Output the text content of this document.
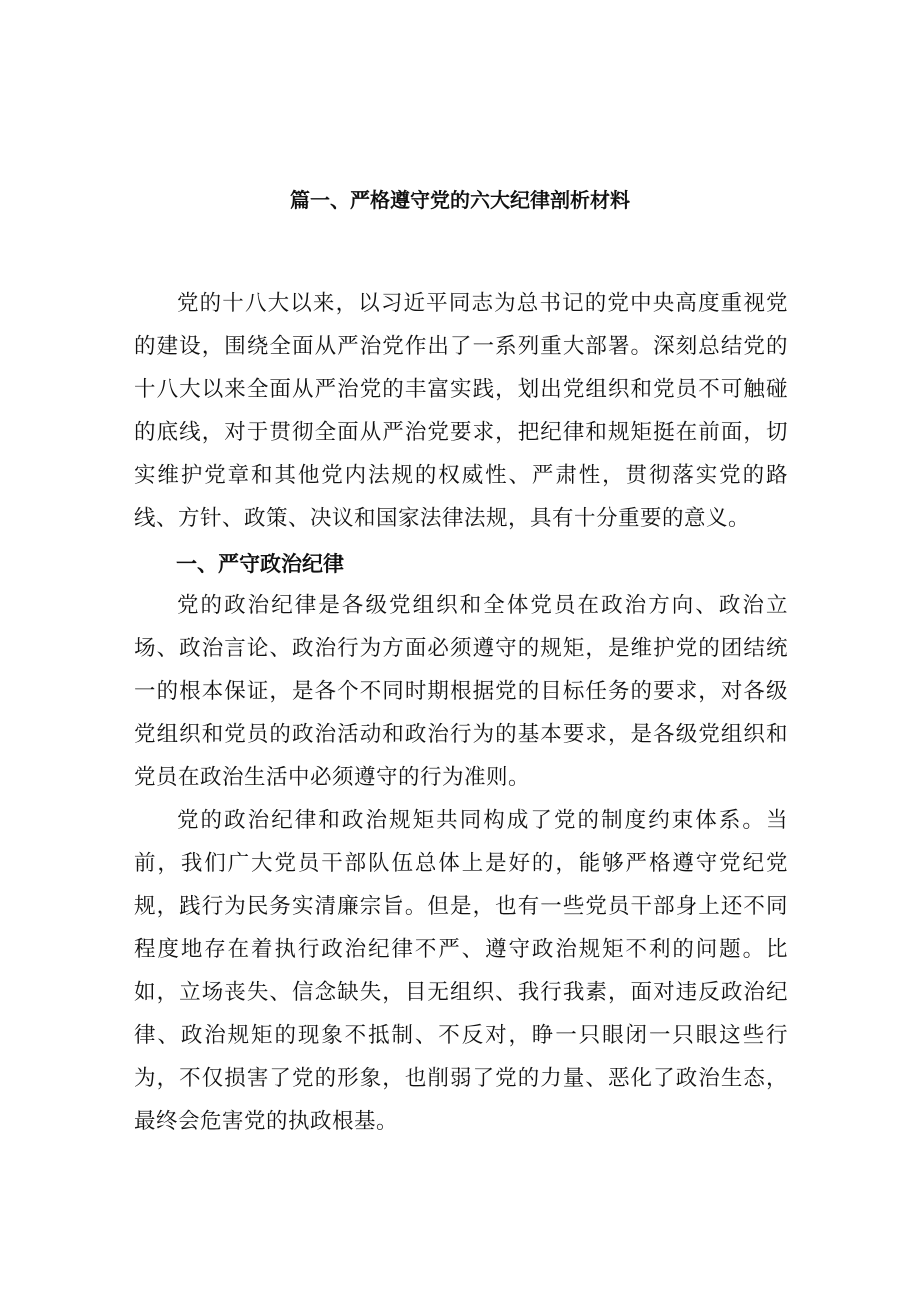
篇一、严格遵守党的六大纪律剖析材料

党的十八大以来，以习近平同志为总书记的党中央高度重视党的建设，围绕全面从严治党作出了一系列重大部署。深刻总结党的十八大以来全面从严治党的丰富实践，划出党组织和党员不可触碰的底线，对于贯彻全面从严治党要求，把纪律和规矩挺在前面，切实维护党章和其他党内法规的权威性、严肃性，贯彻落实党的路线、方针、政策、决议和国家法律法规，具有十分重要的意义。

一、严守政治纪律

党的政治纪律是各级党组织和全体党员在政治方向、政治立场、政治言论、政治行为方面必须遵守的规矩，是维护党的团结统一的根本保证，是各个不同时期根据党的目标任务的要求，对各级党组织和党员的政治活动和政治行为的基本要求，是各级党组织和党员在政治生活中必须遵守的行为准则。

党的政治纪律和政治规矩共同构成了党的制度约束体系。当前，我们广大党员干部队伍总体上是好的，能够严格遵守党纪党规，践行为民务实清廉宗旨。但是，也有一些党员干部身上还不同程度地存在着执行政治纪律不严、遵守政治规矩不利的问题。比如，立场丧失、信念缺失，目无组织、我行我素，面对违反政治纪律、政治规矩的现象不抵制、不反对，睁一只眼闭一只眼这些行为，不仅损害了党的形象，也削弱了党的力量、恶化了政治生态，最终会危害党的执政根基。
